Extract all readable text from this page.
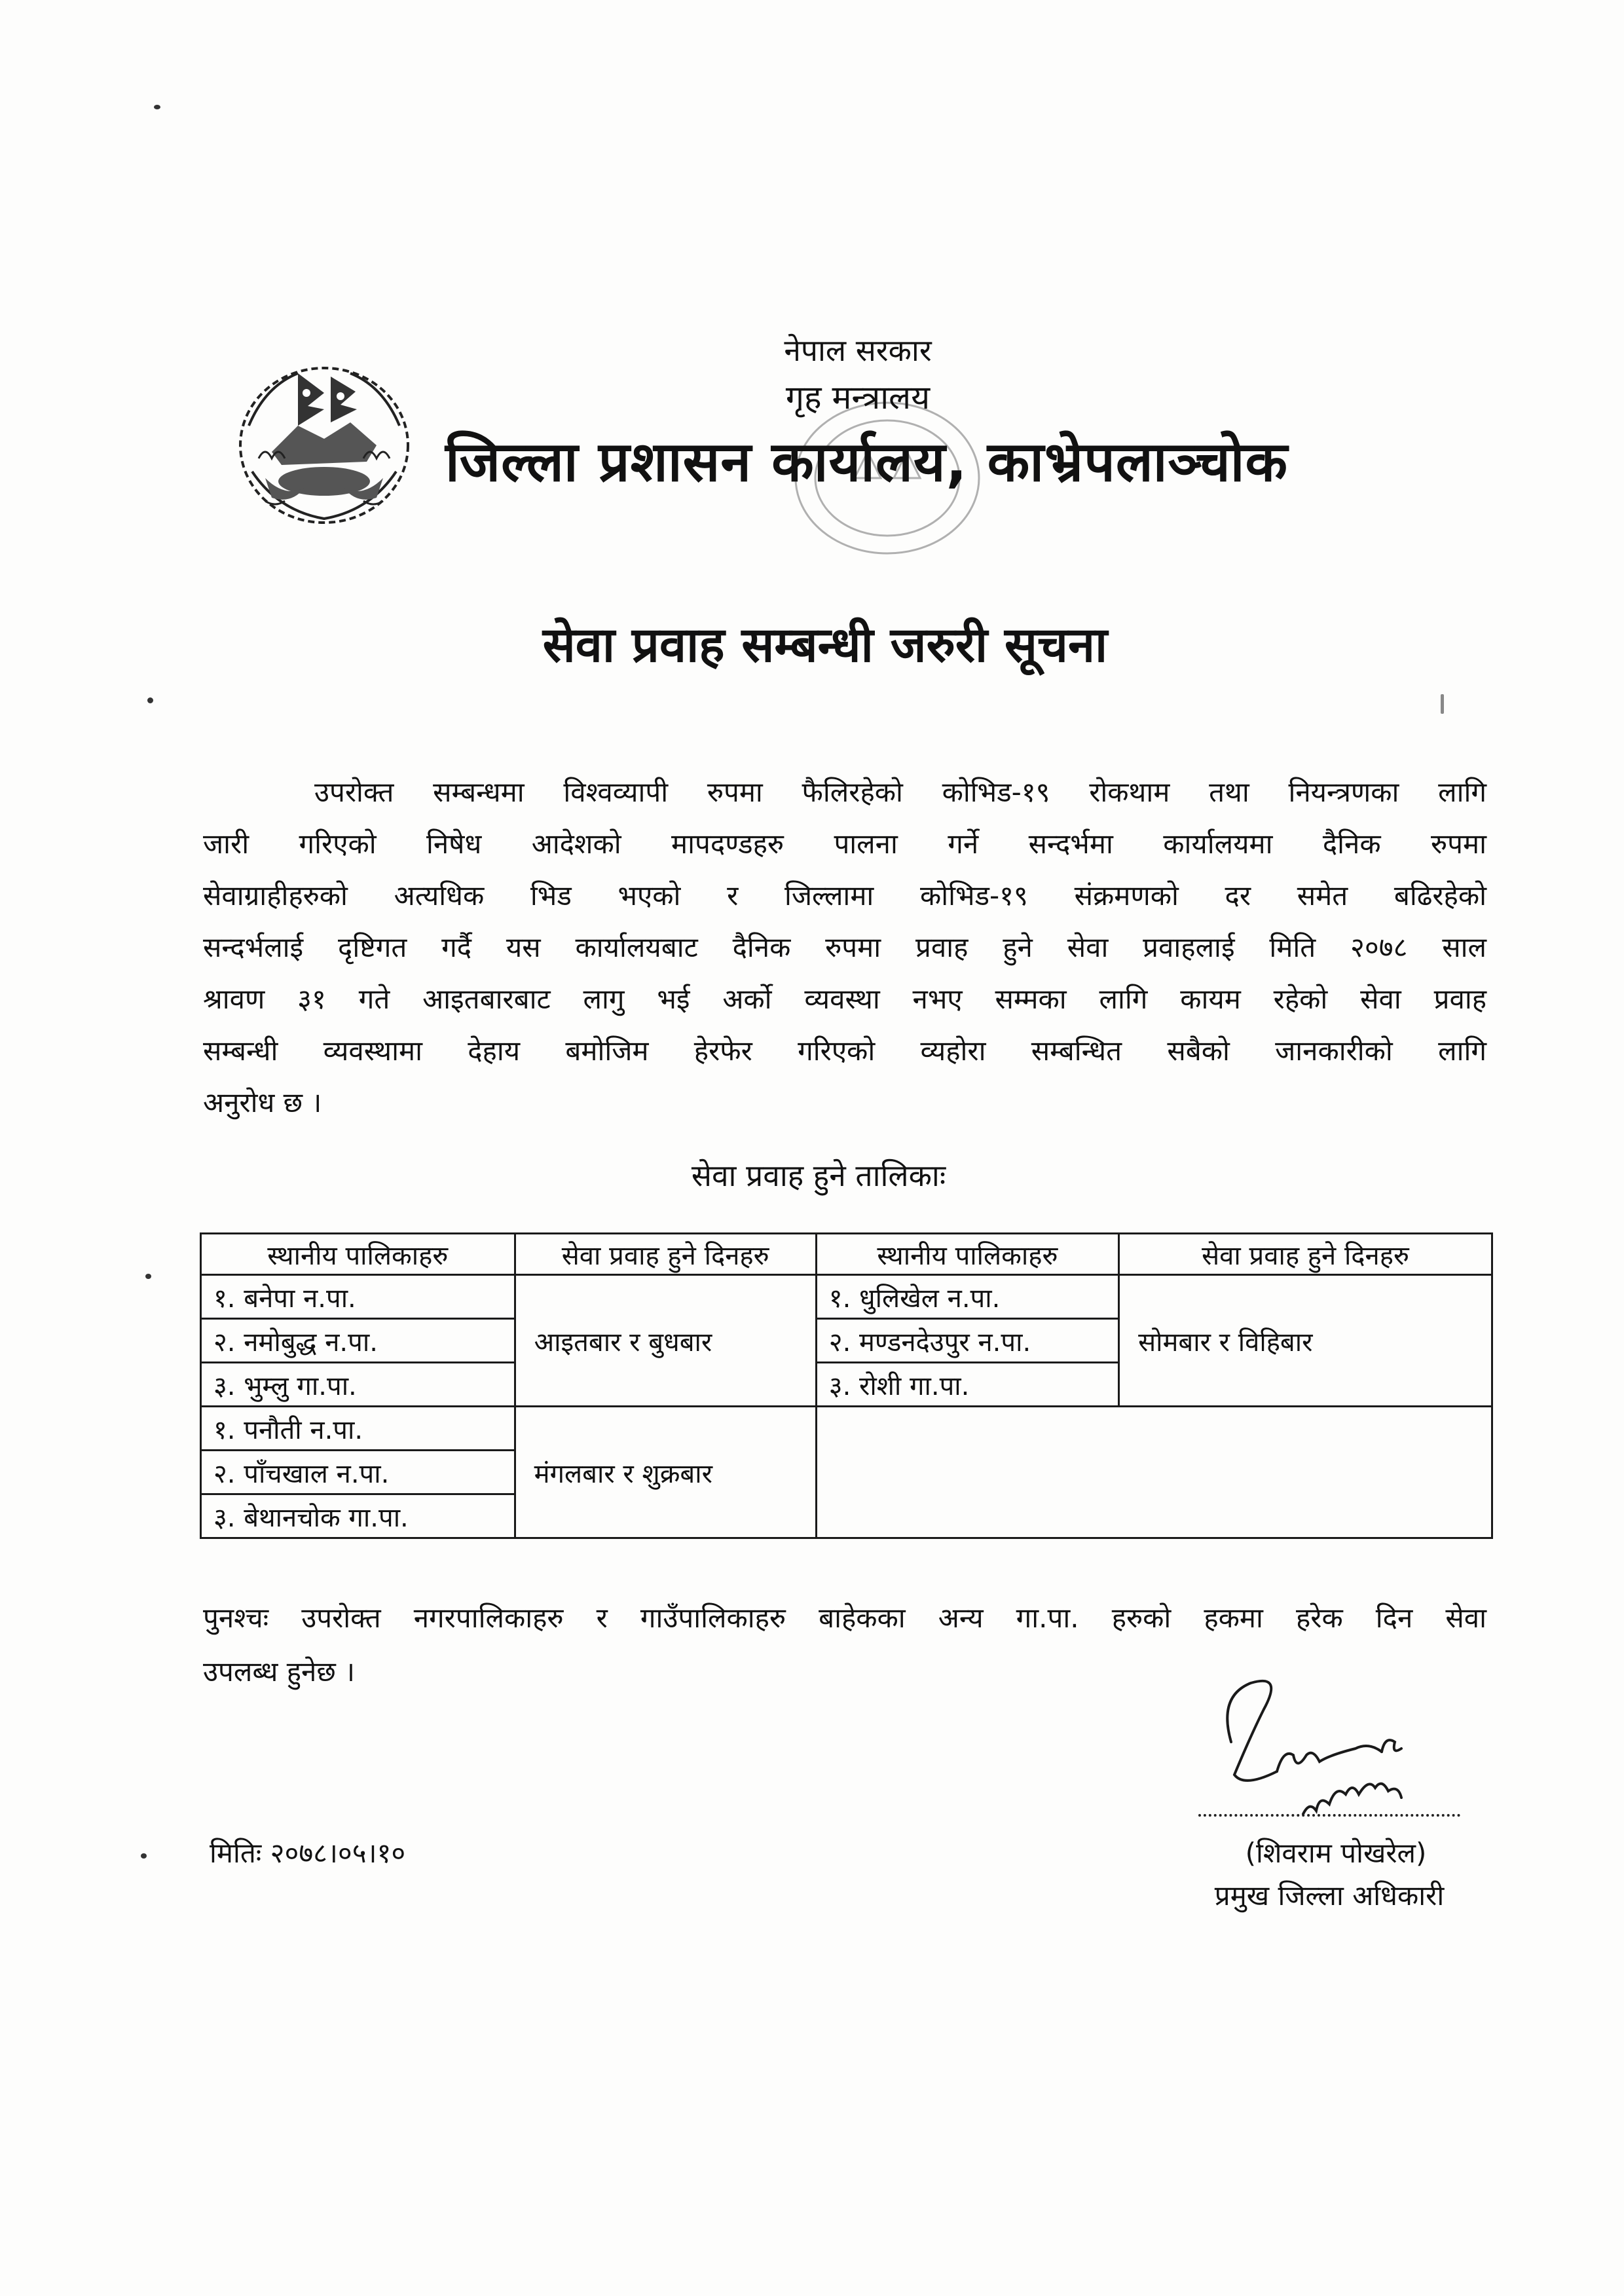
नेपाल सरकार
गृह मन्त्रालय
जिल्ला प्रशासन कार्यालय, काभ्रेपलाञ्चोक
सेवा प्रवाह सम्बन्धी जरुरी सूचना
उपरोक्त सम्बन्धमा विश्वव्यापी रुपमा फैलिरहेको कोभिड-१९ रोकथाम तथा नियन्त्रणका लागि
जारी गरिएको निषेध आदेशको मापदण्डहरु पालना गर्ने सन्दर्भमा कार्यालयमा दैनिक रुपमा
सेवाग्राहीहरुको अत्यधिक भिड भएको र जिल्लामा कोभिड-१९ संक्रमणको दर समेत बढिरहेको
सन्दर्भलाई दृष्टिगत गर्दै यस कार्यालयबाट दैनिक रुपमा प्रवाह हुने सेवा प्रवाहलाई मिति २०७८ साल
श्रावण ३१ गते आइतबारबाट लागु भई अर्को व्यवस्था नभए सम्मका लागि कायम रहेको सेवा प्रवाह
सम्बन्धी व्यवस्थामा देहाय बमोजिम हेरफेर गरिएको व्यहोरा सम्बन्धित सबैको जानकारीको लागि
अनुरोध छ ।
सेवा प्रवाह हुने तालिकाः
स्थानीय पालिकाहरु	सेवा प्रवाह हुने दिनहरु	स्थानीय पालिकाहरु	सेवा प्रवाह हुने दिनहरु
१. बनेपा न.पा.	आइतबार र बुधबार	१. धुलिखेल न.पा.	सोमबार र विहिबार
२. नमोबुद्ध न.पा.		२. मण्डनदेउपुर न.पा.	
३. भुम्लु गा.पा.		३. रोशी गा.पा.	
१. पनौती न.पा.	मंगलबार र शुक्रबार		
२. पाँचखाल न.पा.			
३. बेथानचोक गा.पा.			
पुनश्चः उपरोक्त नगरपालिकाहरु र गाउँपालिकाहरु बाहेकका अन्य गा.पा. हरुको हकमा हरेक दिन सेवा
उपलब्ध हुनेछ ।
मितिः २०७८।०५।१०	(शिवराम पोखरेल)
प्रमुख जिल्ला अधिकारी
